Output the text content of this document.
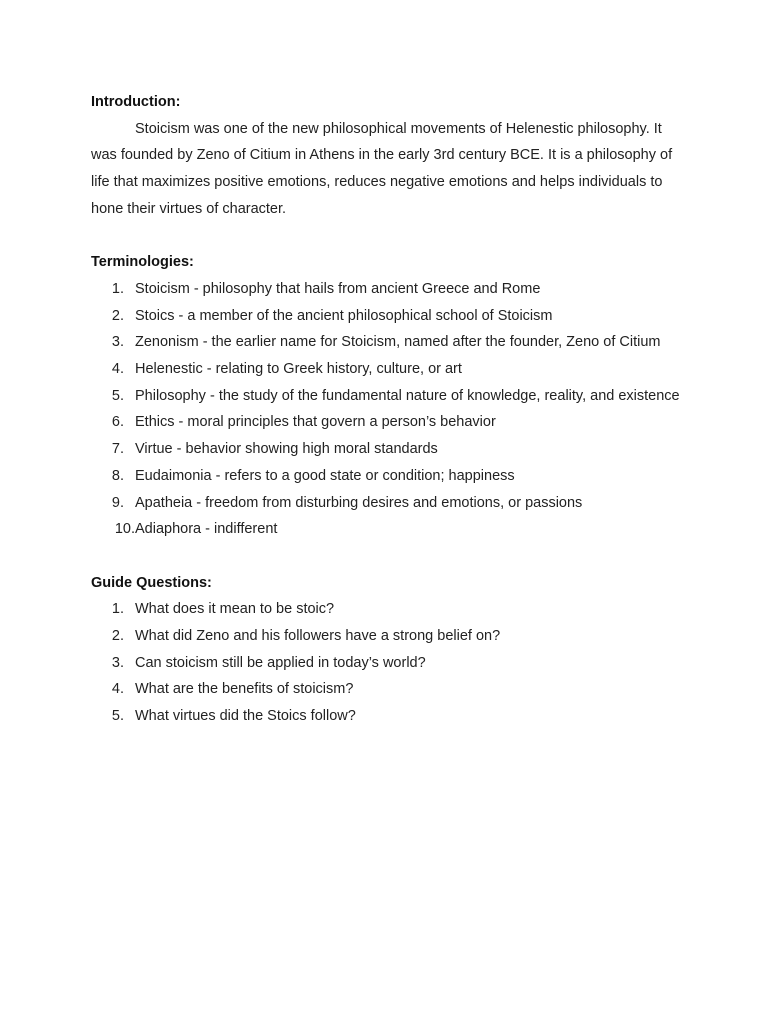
Introduction:

Stoicism was one of the new philosophical movements of Helenestic philosophy. It was founded by Zeno of Citium in Athens in the early 3rd century BCE. It is a philosophy of life that maximizes positive emotions, reduces negative emotions and helps individuals to hone their virtues of character.

Terminologies:

1. Stoicism - philosophy that hails from ancient Greece and Rome
2. Stoics - a member of the ancient philosophical school of Stoicism
3. Zenonism - the earlier name for Stoicism, named after the founder, Zeno of Citium
4. Helenestic - relating to Greek history, culture, or art
5. Philosophy - the study of the fundamental nature of knowledge, reality, and existence
6. Ethics - moral principles that govern a person’s behavior
7. Virtue - behavior showing high moral standards
8. Eudaimonia - refers to a good state or condition; happiness
9. Apatheia - freedom from disturbing desires and emotions, or passions
10. Adiaphora - indifferent

Guide Questions:

1. What does it mean to be stoic?
2. What did Zeno and his followers have a strong belief on?
3. Can stoicism still be applied in today’s world?
4. What are the benefits of stoicism?
5. What virtues did the Stoics follow?
